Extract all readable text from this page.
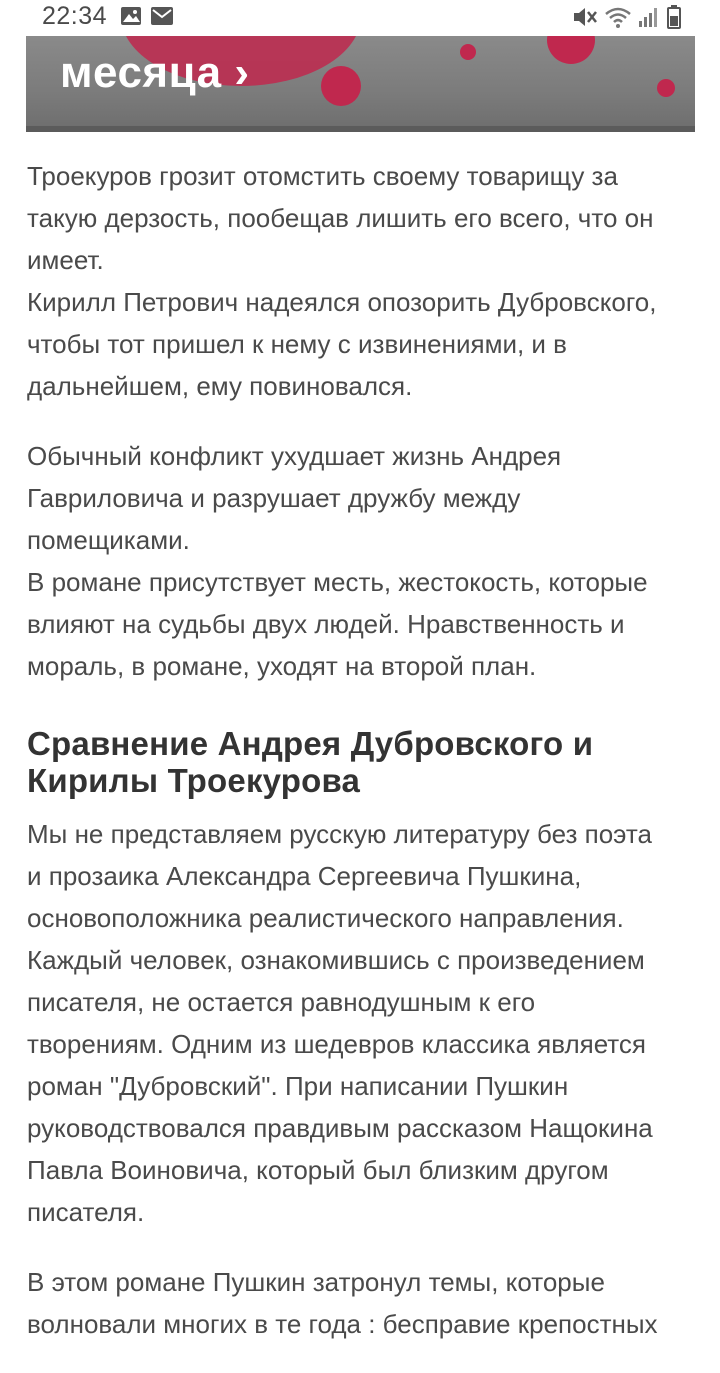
22:34
месяца ›

Троекуров грозит отомстить своему товарищу за
такую дерзость, пообещав лишить его всего, что он
имеет.
Кирилл Петрович надеялся опозорить Дубровского,
чтобы тот пришел к нему с извинениями, и в
дальнейшем, ему повиновался.

Обычный конфликт ухудшает жизнь Андрея
Гавриловича и разрушает дружбу между
помещиками.
В романе присутствует месть, жестокость, которые
влияют на судьбы двух людей. Нравственность и
мораль, в романе, уходят на второй план.

Сравнение Андрея Дубровского и
Кирилы Троекурова

Мы не представляем русскую литературу без поэта
и прозаика Александра Сергеевича Пушкина,
основоположника реалистического направления.
Каждый человек, ознакомившись с произведением
писателя, не остается равнодушным к его
творениям. Одним из шедевров классика является
роман "Дубровский". При написании Пушкин
руководствовался правдивым рассказом Нащокина
Павла Воиновича, который был близким другом
писателя.

В этом романе Пушкин затронул темы, которые
волновали многих в те года : бесправие крепостных
